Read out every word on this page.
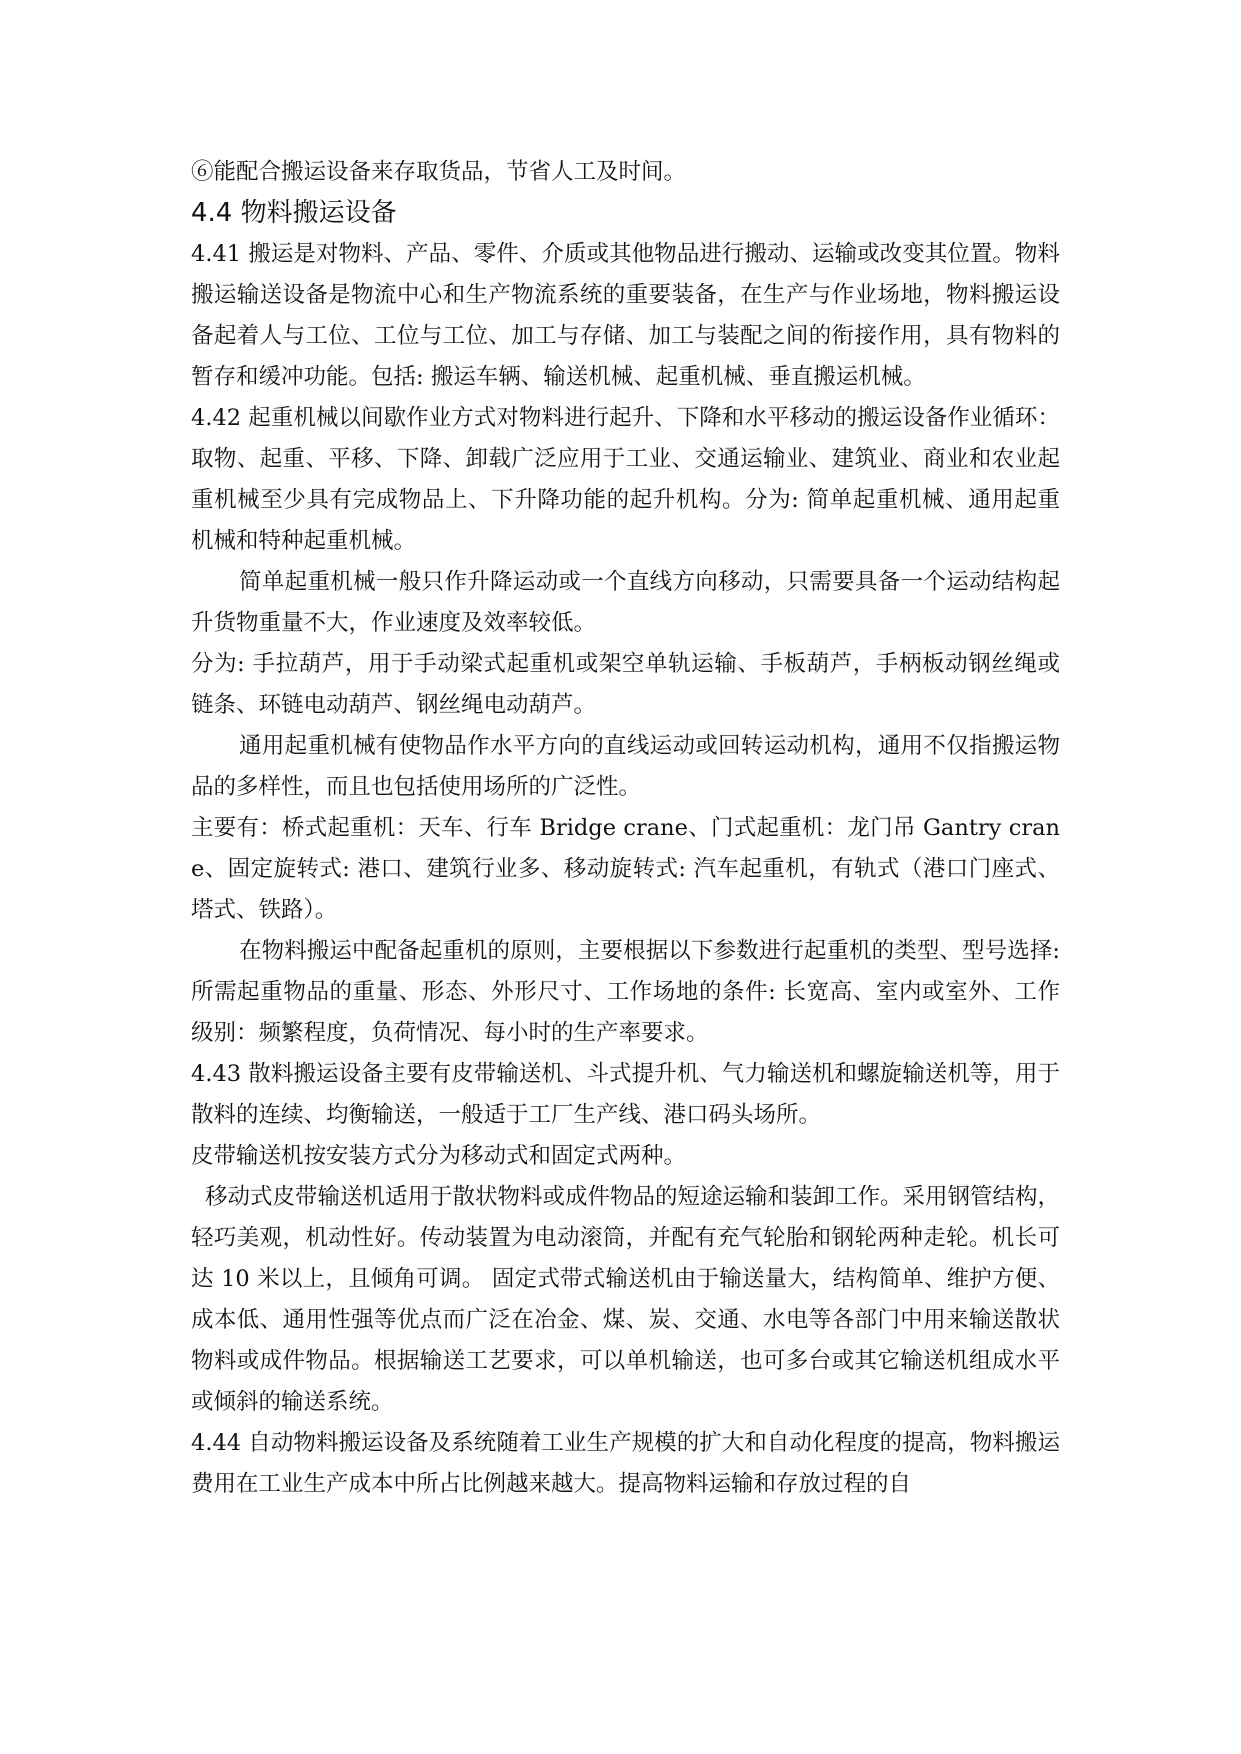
⑥能配合搬运设备来存取货品，节省人工及时间。

4.4 物料搬运设备

4.41 搬运是对物料、产品、零件、介质或其他物品进行搬动、运输或改变其位置。物料搬运输送设备是物流中心和生产物流系统的重要装备，在生产与作业场地，物料搬运设备起着人与工位、工位与工位、加工与存储、加工与装配之间的衔接作用，具有物料的暂存和缓冲功能。包括: 搬运车辆、输送机械、起重机械、垂直搬运机械。

4.42 起重机械以间歇作业方式对物料进行起升、下降和水平移动的搬运设备作业循环：取物、起重、平移、下降、卸载广泛应用于工业、交通运输业、建筑业、商业和农业起重机械至少具有完成物品上、下升降功能的起升机构。分为: 简单起重机械、通用起重机械和特种起重机械。

简单起重机械一般只作升降运动或一个直线方向移动，只需要具备一个运动结构起升货物重量不大，作业速度及效率较低。

分为: 手拉葫芦，用于手动梁式起重机或架空单轨运输、手板葫芦，手柄板动钢丝绳或链条、环链电动葫芦、钢丝绳电动葫芦。

通用起重机械有使物品作水平方向的直线运动或回转运动机构，通用不仅指搬运物品的多样性，而且也包括使用场所的广泛性。

主要有：桥式起重机：天车、行车 Bridge crane、门式起重机：龙门吊 Gantry crane、固定旋转式: 港口、建筑行业多、移动旋转式: 汽车起重机，有轨式（港口门座式、塔式、铁路）。

在物料搬运中配备起重机的原则，主要根据以下参数进行起重机的类型、型号选择: 所需起重物品的重量、形态、外形尺寸、工作场地的条件: 长宽高、室内或室外、工作级别：频繁程度，负荷情况、每小时的生产率要求。

4.43 散料搬运设备主要有皮带输送机、斗式提升机、气力输送机和螺旋输送机等，用于散料的连续、均衡输送，一般适于工厂生产线、港口码头场所。

皮带输送机按安装方式分为移动式和固定式两种。

移动式皮带输送机适用于散状物料或成件物品的短途运输和装卸工作。采用钢管结构，轻巧美观，机动性好。传动装置为电动滚筒，并配有充气轮胎和钢轮两种走轮。机长可达 10 米以上，且倾角可调。 固定式带式输送机由于输送量大，结构简单、维护方便、成本低、通用性强等优点而广泛在冶金、煤、炭、交通、水电等各部门中用来输送散状物料或成件物品。根据输送工艺要求，可以单机输送，也可多台或其它输送机组成水平或倾斜的输送系统。

4.44 自动物料搬运设备及系统随着工业生产规模的扩大和自动化程度的提高，物料搬运费用在工业生产成本中所占比例越来越大。提高物料运输和存放过程的自
